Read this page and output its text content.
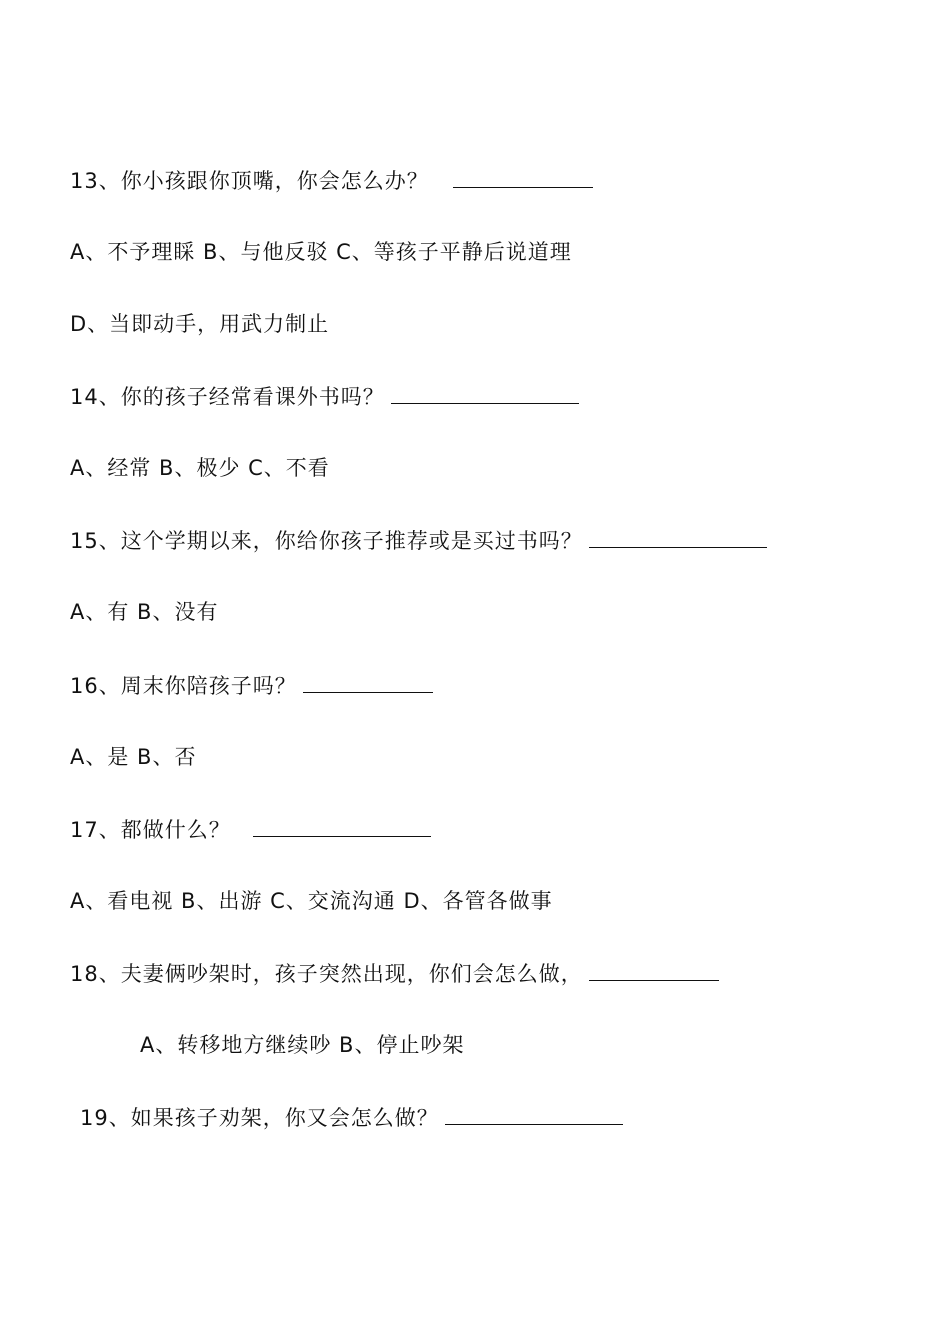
13、你小孩跟你顶嘴，你会怎么办？
A、不予理睬 B、与他反驳 C、等孩子平静后说道理
D、当即动手，用武力制止
14、你的孩子经常看课外书吗？
A、经常 B、极少 C、不看
15、这个学期以来，你给你孩子推荐或是买过书吗？
A、有 B、没有
16、周末你陪孩子吗？
A、是 B、否
17、都做什么？
A、看电视 B、出游 C、交流沟通 D、各管各做事
18、夫妻俩吵架时，孩子突然出现，你们会怎么做，
A、转移地方继续吵 B、停止吵架
19、如果孩子劝架，你又会怎么做？
